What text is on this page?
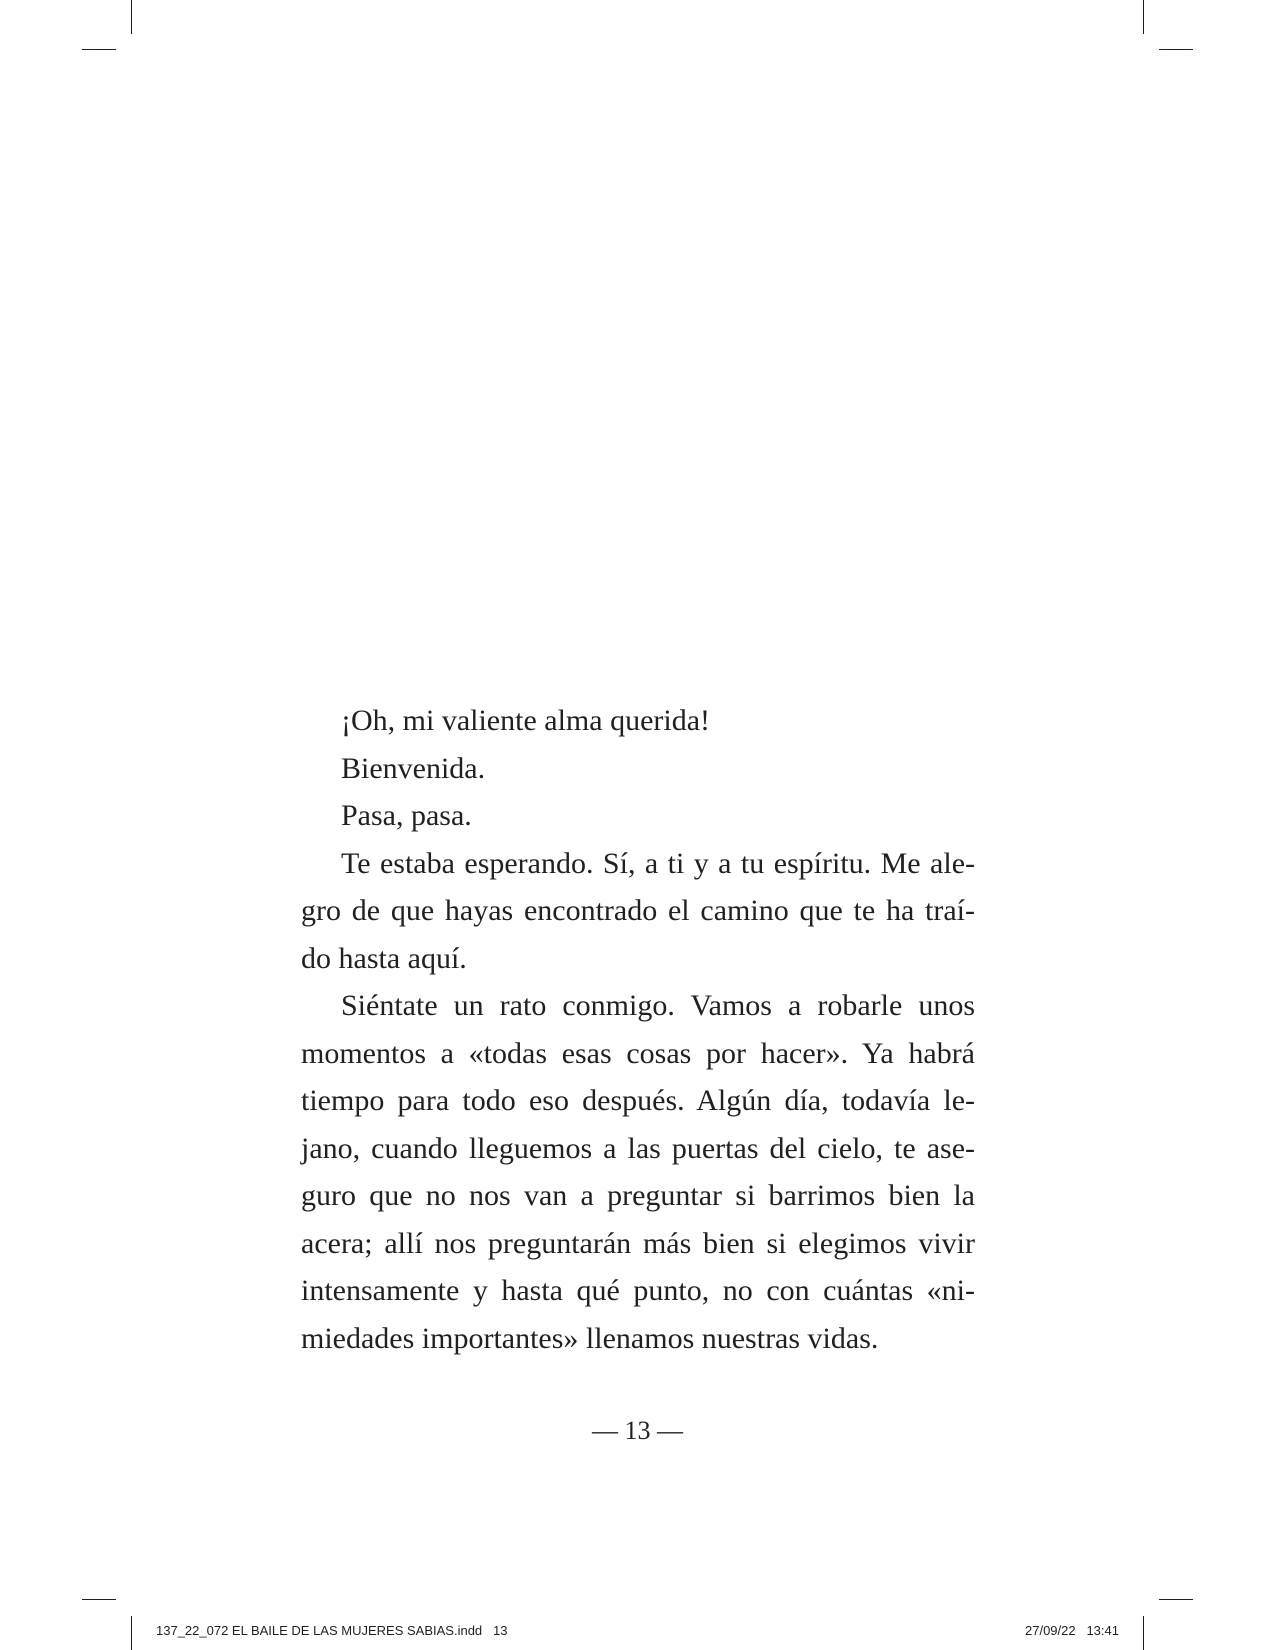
¡Oh, mi valiente alma querida!
Bienvenida.
Pasa, pasa.
Te estaba esperando. Sí, a ti y a tu espíritu. Me ale-
gro de que hayas encontrado el camino que te ha traí-
do hasta aquí.
Siéntate un rato conmigo. Vamos a robarle unos
momentos a «todas esas cosas por hacer». Ya habrá
tiempo para todo eso después. Algún día, todavía le-
jano, cuando lleguemos a las puertas del cielo, te ase-
guro que no nos van a preguntar si barrimos bien la
acera; allí nos preguntarán más bien si elegimos vivir
intensamente y hasta qué punto, no con cuántas «ni-
miedades importantes» llenamos nuestras vidas.
— 13 —
137_22_072 EL BAILE DE LAS MUJERES SABIAS.indd   13	27/09/22   13:41
